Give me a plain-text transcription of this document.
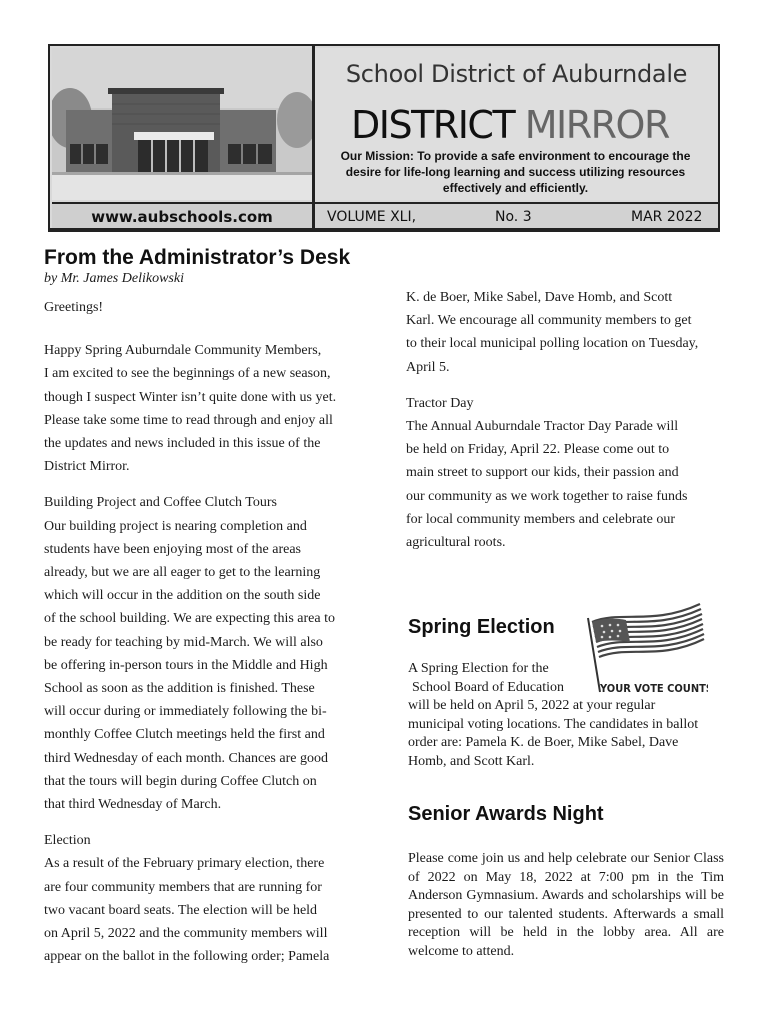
www.aubschools.com
School District of Auburndale
DISTRICT MIRROR
Our Mission: To provide a safe environment to encourage the desire for life-long learning and success utilizing resources effectively and efficiently.
VOLUME XLI,	No. 3	MAR 2022
From the Administrator’s Desk
by Mr. James Delikowski

Greetings!

Happy Spring Auburndale Community Members,

I am excited to see the beginnings of a new season,

though I suspect Winter isn’t quite done with us yet.

Please take some time to read through and enjoy all

the updates and news included in this issue of the

District Mirror.

Building Project and Coffee Clutch Tours

Our building project is nearing completion and

students have been enjoying most of the areas

already, but we are all eager to get to the learning

which will occur in the addition on the south side

of the school building. We are expecting this area to

be ready for teaching by mid-March. We will also

be offering in-person tours in the Middle and High

School as soon as the addition is finished. These

will occur during or immediately following the bi-

monthly Coffee Clutch meetings held the first and

third Wednesday of each month. Chances are good

that the tours will begin during Coffee Clutch on

that third Wednesday of March.

Election

As a result of the February primary election, there

are four community members that are running for

two vacant board seats. The election will be held

on April 5, 2022 and the community members will

appear on the ballot in the following order; Pamela

K. de Boer, Mike Sabel, Dave Homb, and Scott

Karl. We encourage all community members to get

to their local municipal polling location on Tuesday,

April 5.

Tractor Day

The Annual Auburndale Tractor Day Parade will

be held on Friday, April 22. Please come out to

main street to support our kids, their passion and

our community as we work together to raise funds

for local community members and celebrate our

agricultural roots.

Spring Election
YOUR VOTE COUNTS

A Spring Election for the

School Board of Education

will be held on April 5, 2022 at your regular

municipal voting locations. The candidates in ballot

order are: Pamela K. de Boer, Mike Sabel, Dave

Homb, and Scott Karl.

Senior Awards Night

Please come join us and help celebrate our Senior Class of 2022 on May 18, 2022 at 7:00 pm in the Tim Anderson Gymnasium. Awards and scholarships will be presented to our talented students. Afterwards a small reception will be held in the lobby area. All are welcome to attend.
